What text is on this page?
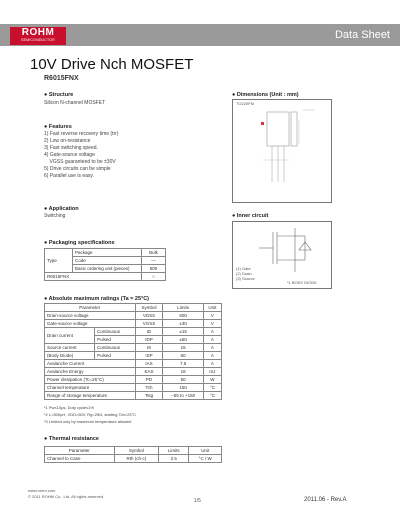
ROHM
SEMICONDUCTOR	Data Sheet
10V Drive Nch MOSFET
R6015FNX
● Structure
Silicon N-channel MOSFET
● Dimensions (Unit : mm)
TO220FM
● Features
1) Fast reverse recovery time (trr)
2) Low on-resistance
3) Fast switching speed.
4) Gate-source voltage
VGSS guaranteed to be ±30V
5) Drive circuits can be simple
6) Parallel use is easy.
● Application
Switching	● Inner circuit
(1) Gate
(2) Drain
(3) Source
*1 BODY DIODE
● Packaging specifications
Type	Package	Bulk
	Code	—
	Basic ordering unit (pieces)	500
R6015FNX		○
● Absolute maximum ratings (Ta = 25°C)
Parameter		Symbol	Limits	Unit
Drain-source voltage		VDSS	600	V
Gate-source voltage		VGSS	±30	V
Drain current	Continuous	ID	±15	A
	Pulsed	IDP	±60	A
Source current	Continuous	IS	15	A
(Body Diode)	Pulsed	ISP	60	A
Avalanche Current		IAS	7.5	A
Avalanche Energy		EAS	18	mJ
Power dissipation (Tc=25°C)		PD	50	W
Channel temperature		Tch	150	°C
Range of storage temperature		Tstg	−55 to +150	°C
*1 Pw≤10μs, Duty cycle≤1%
*2 L=500μH, VDD=50V, Rg=25Ω, starting Tch=25°C
*3 Limited only by maximum temperature allowed
● Thermal resistance
Parameter	Symbol	Limits	Unit
Channel to Case	Rth (ch-c)	2.5	°C / W
www.rohm.com
© 2011 ROHM Co., Ltd. All rights reserved.
1/5	2011.06 - Rev.A
